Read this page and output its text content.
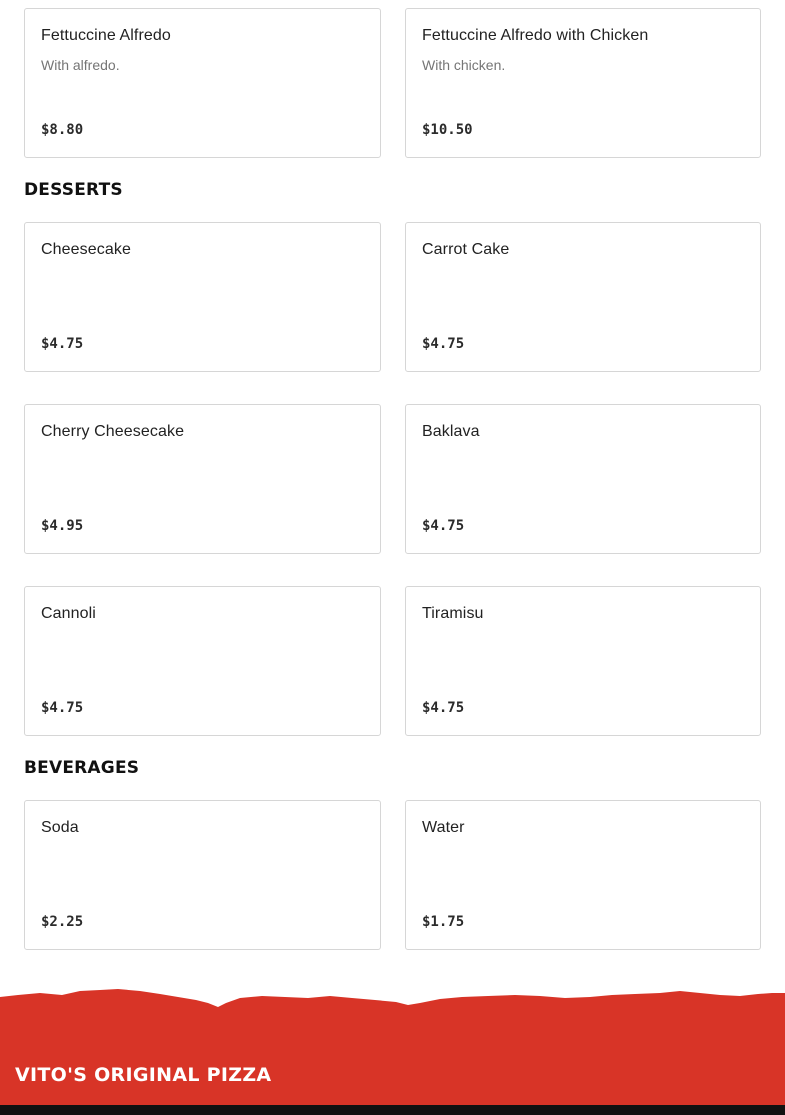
Fettuccine Alfredo
With alfredo.
$8.80
Fettuccine Alfredo with Chicken
With chicken.
$10.50
DESSERTS
Cheesecake
$4.75
Carrot Cake
$4.75
Cherry Cheesecake
$4.95
Baklava
$4.75
Cannoli
$4.75
Tiramisu
$4.75
BEVERAGES
Soda
$2.25
Water
$1.75
VITO'S ORIGINAL PIZZA
